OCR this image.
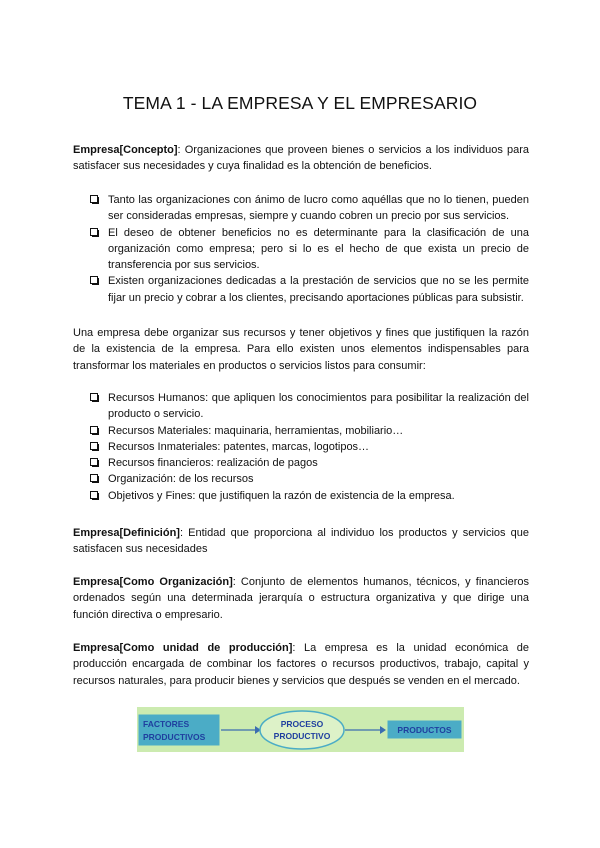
TEMA 1 - LA EMPRESA Y EL EMPRESARIO
Empresa[Concepto]: Organizaciones que proveen bienes o servicios a los individuos para satisfacer sus necesidades y cuya finalidad es la obtención de beneficios.
Tanto las organizaciones con ánimo de lucro como aquéllas que no lo tienen, pueden ser consideradas empresas, siempre y cuando cobren un precio por sus servicios.
El deseo de obtener beneficios no es determinante para la clasificación de una organización como empresa; pero si lo es el hecho de que exista un precio de transferencia por sus servicios.
Existen organizaciones dedicadas a la prestación de servicios que no se les permite fijar un precio y cobrar a los clientes, precisando aportaciones públicas para subsistir.
Una empresa debe organizar sus recursos y tener objetivos y fines que justifiquen la razón de la existencia de la empresa. Para ello existen unos elementos indispensables para transformar los materiales en productos o servicios listos para consumir:
Recursos Humanos: que apliquen los conocimientos para posibilitar la realización del producto o servicio.
Recursos Materiales: maquinaria, herramientas, mobiliario…
Recursos Inmateriales: patentes, marcas, logotipos…
Recursos financieros: realización de pagos
Organización: de los recursos
Objetivos y Fines: que justifiquen la razón de existencia de la empresa.
Empresa[Definición]: Entidad que proporciona al individuo los productos y servicios que satisfacen sus necesidades
Empresa[Como Organización]: Conjunto de elementos humanos, técnicos, y financieros ordenados según una determinada jerarquía o estructura organizativa y que dirige una función directiva o empresario.
Empresa[Como unidad de producción]: La empresa es la unidad económica de producción encargada de combinar los factores o recursos productivos, trabajo, capital y recursos naturales, para producir bienes y servicios que después se venden en el mercado.
FACTORES
PRODUCTIVOS
PROCESO
PRODUCTIVO
PRODUCTOS
